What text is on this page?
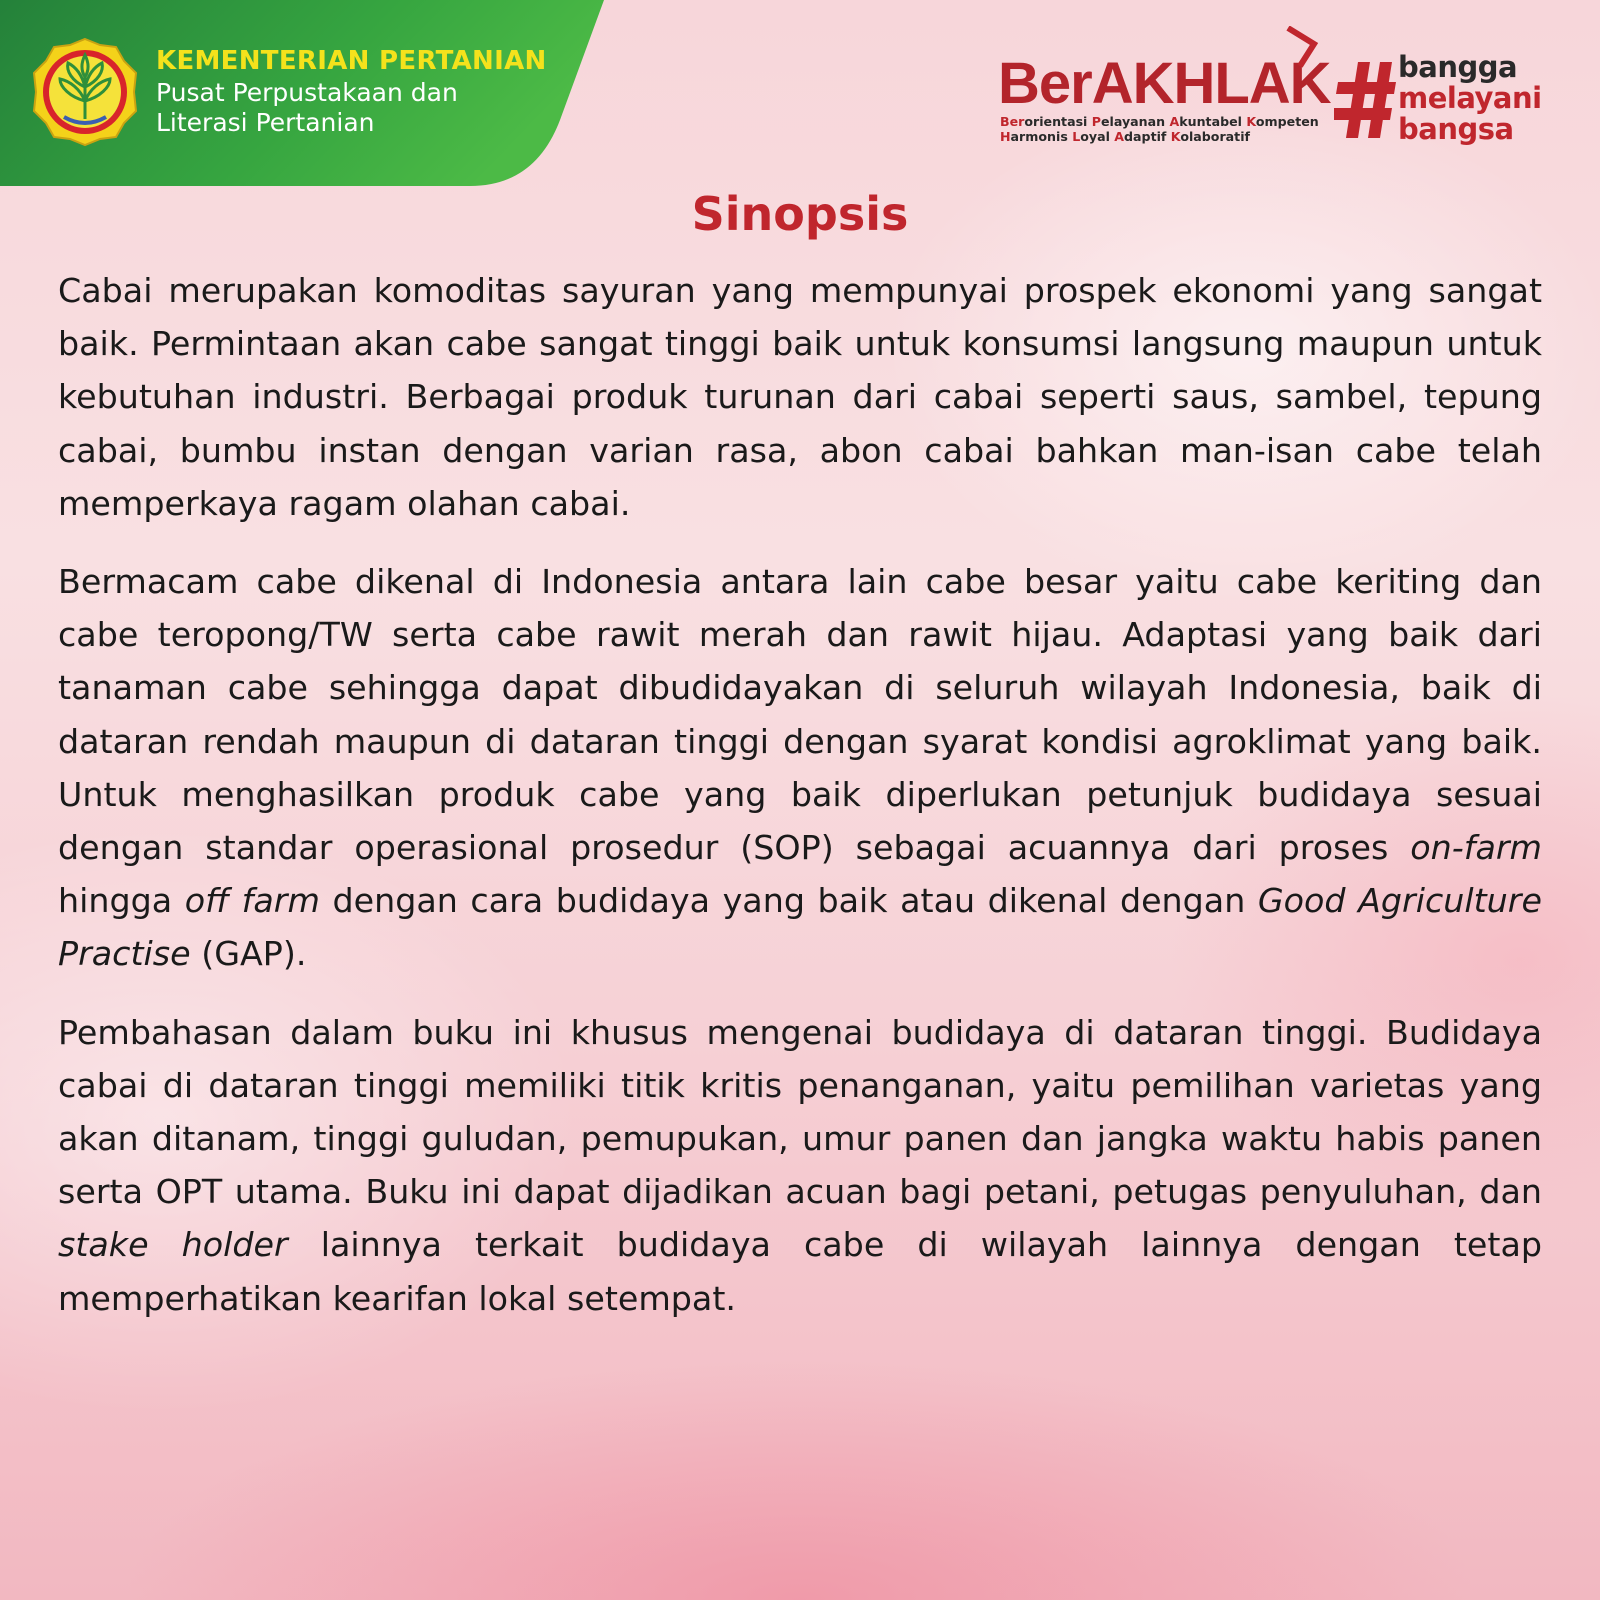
KEMENTERIAN PERTANIAN
Pusat Perpustakaan dan
Literasi Pertanian
BerAKHLAK
Berorientasi Pelayanan Akuntabel Kompeten
Harmonis Loyal Adaptif Kolaboratif
bangga
melayani
bangsa
Sinopsis

Cabai merupakan komoditas sayuran yang mempunyai prospek ekonomi yang sangat baik. Permintaan akan cabe sangat tinggi baik untuk konsumsi langsung maupun untuk kebutuhan industri. Berbagai produk turunan dari cabai seperti saus, sambel, tepung cabai, bumbu instan dengan varian rasa, abon cabai bahkan man-isan cabe telah memperkaya ragam olahan cabai.

Bermacam cabe dikenal di Indonesia antara lain cabe besar yaitu cabe keriting dan cabe teropong/TW serta cabe rawit merah dan rawit hijau. Adaptasi yang baik dari tanaman cabe sehingga dapat dibudidayakan di seluruh wilayah Indonesia, baik di dataran rendah maupun di dataran tinggi dengan syarat kondisi agroklimat yang baik. Untuk menghasilkan produk cabe yang baik diperlukan petunjuk budidaya sesuai dengan standar operasional prosedur (SOP) sebagai acuannya dari proses on-farm hingga off farm dengan cara budidaya yang baik atau dikenal dengan Good Agriculture Practise (GAP).

Pembahasan dalam buku ini khusus mengenai budidaya di dataran tinggi. Budidaya cabai di dataran tinggi memiliki titik kritis penanganan, yaitu pemilihan varietas yang akan ditanam, tinggi guludan, pemupukan, umur panen dan jangka waktu habis panen serta OPT utama. Buku ini dapat dijadikan acuan bagi petani, petugas penyuluhan, dan stake holder lainnya terkait budidaya cabe di wilayah lainnya dengan tetap memperhatikan kearifan lokal setempat.
